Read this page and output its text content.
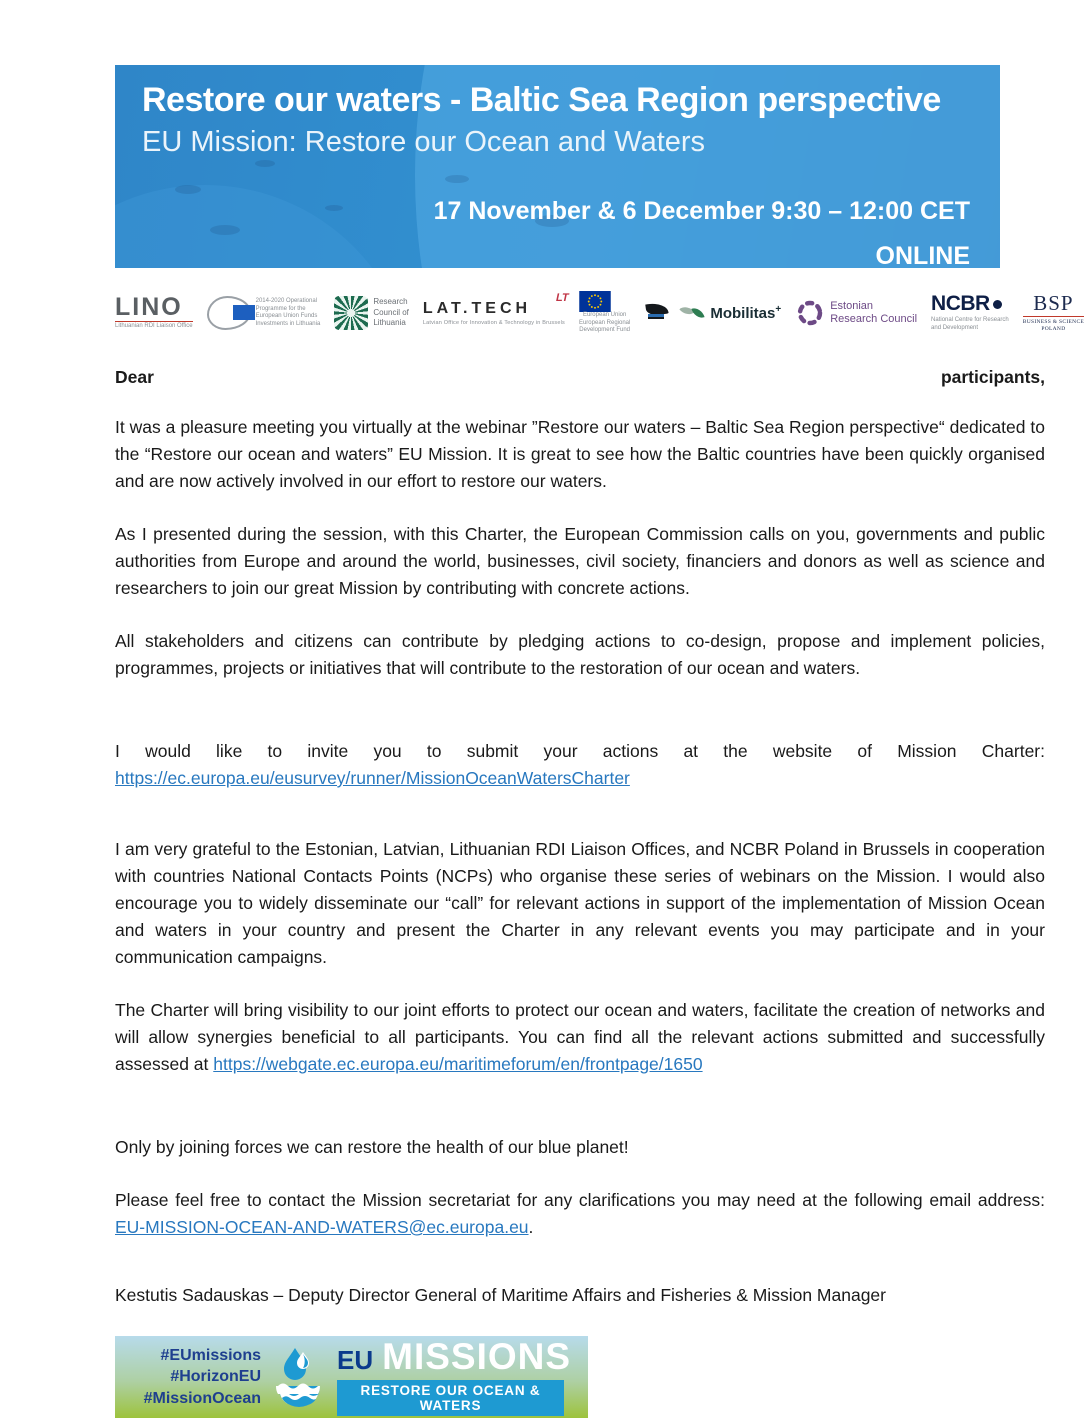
Restore our waters - Baltic Sea Region perspective
EU Mission: Restore our Ocean and Waters
17 November & 6 December 9:30 – 12:00 CET
ONLINE
LINO
Lithuanian RDI Liaison Office
2014-2020 Operational
Programme for the
European Union Funds
Investments in Lithuania
Research
Council of
Lithuania
LT
LAT.TECH
Latvian Office for Innovation & Technology in Brussels
European Union
European Regional
Development Fund
Mobilitas+	Estonian
Research Council
NCBR
National Centre for Research
and Development
BSP
BUSINESS & SCIENCE
POLAND
Dear	participants,

It was a pleasure meeting you virtually at the webinar ”Restore our waters – Baltic Sea Region perspective“ dedicated to the “Restore our ocean and waters” EU Mission. It is great to see how the Baltic countries have been quickly organised and are now actively involved in our effort to restore our waters.

As I presented during the session, with this Charter, the European Commission calls on you, governments and public authorities from Europe and around the world, businesses, civil society, financiers and donors as well as science and researchers to join our great Mission by contributing with concrete actions.

All stakeholders and citizens can contribute by pledging actions to co-design, propose and implement policies, programmes, projects or initiatives that will contribute to the restoration of our ocean and waters.

I would like to invite you to submit your actions at the website of Mission Charter:
https://ec.europa.eu/eusurvey/runner/MissionOceanWatersCharter

I am very grateful to the Estonian, Latvian, Lithuanian RDI Liaison Offices, and NCBR Poland in Brussels in cooperation with countries National Contacts Points (NCPs) who organise these series of webinars on the Mission. I would also encourage you to widely disseminate our “call” for relevant actions in support of the implementation of Mission Ocean and waters in your country and present the Charter in any relevant events you may participate and in your communication campaigns.

The Charter will bring visibility to our joint efforts to protect our ocean and waters, facilitate the creation of networks and will allow synergies beneficial to all participants. You can find all the relevant actions submitted and successfully assessed at https://webgate.ec.europa.eu/maritimeforum/en/frontpage/1650

Only by joining forces we can restore the health of our blue planet!

Please feel free to contact the Mission secretariat for any clarifications you may need at the following email address: EU-MISSION-OCEAN-AND-WATERS@ec.europa.eu.

Kestutis Sadauskas – Deputy Director General of Maritime Affairs and Fisheries & Mission Manager
#EUmissions
#HorizonEU
#MissionOcean
EU MISSIONS
RESTORE OUR OCEAN & WATERS
